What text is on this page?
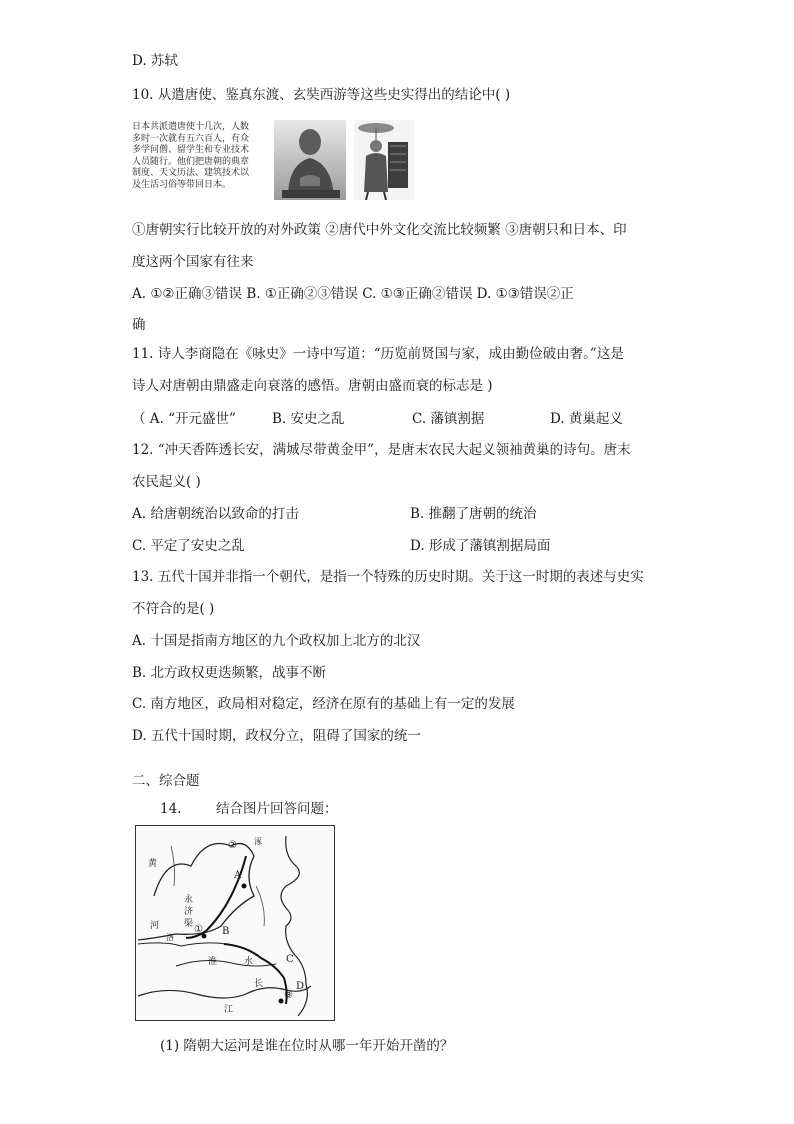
D. 苏轼
10. 从遣唐使、鉴真东渡、玄奘西游等这些史实得出的结论中( )
日本共派遣唐使十几次，人数
多时一次就有五六百人，有众
多学问僧、留学生和专业技术
人员随行。他们把唐朝的典章
制度、天文历法、建筑技术以
及生活习俗等带回日本。
①唐朝实行比较开放的对外政策 ②唐代中外文化交流比较频繁 ③唐朝只和日本、印
度这两个国家有往来
A. ①②正确③错误 B. ①正确②③错误 C. ①③正确②错误 D. ①③错误②正
确
11. 诗人李商隐在《咏史》一诗中写道：“历览前贤国与家，成由勤俭破由奢。”这是
诗人对唐朝由鼎盛走向衰落的感悟。唐朝由盛而衰的标志是 )
（ A. “开元盛世”	B. 安史之乱	C. 藩镇割据	D. 黄巢起义
12. “冲天香阵透长安，满城尽带黄金甲”，是唐末农民大起义领袖黄巢的诗句。唐末
农民起义( )
A. 给唐朝统治以致命的打击	B. 推翻了唐朝的统治
C. 平定了安史之乱	D. 形成了藩镇割据局面
13. 五代十国并非指一个朝代，是指一个特殊的历史时期。关于这一时期的表述与史实
不符合的是( )
A. 十国是指南方地区的九个政权加上北方的北汉
B. 北方政权更迭频繁，战事不断
C. 南方地区，政局相对稳定，经济在原有的基础上有一定的发展
D. 五代十国时期，政权分立，阻碍了国家的统一
二、综合题
14.	结合图片回答问题：
黄
河
永
济
渠
A
B
C
D
淮	水
长
江
①
②
③
洛
涿
(1) 隋朝大运河是谁在位时从哪一年开始开凿的？
